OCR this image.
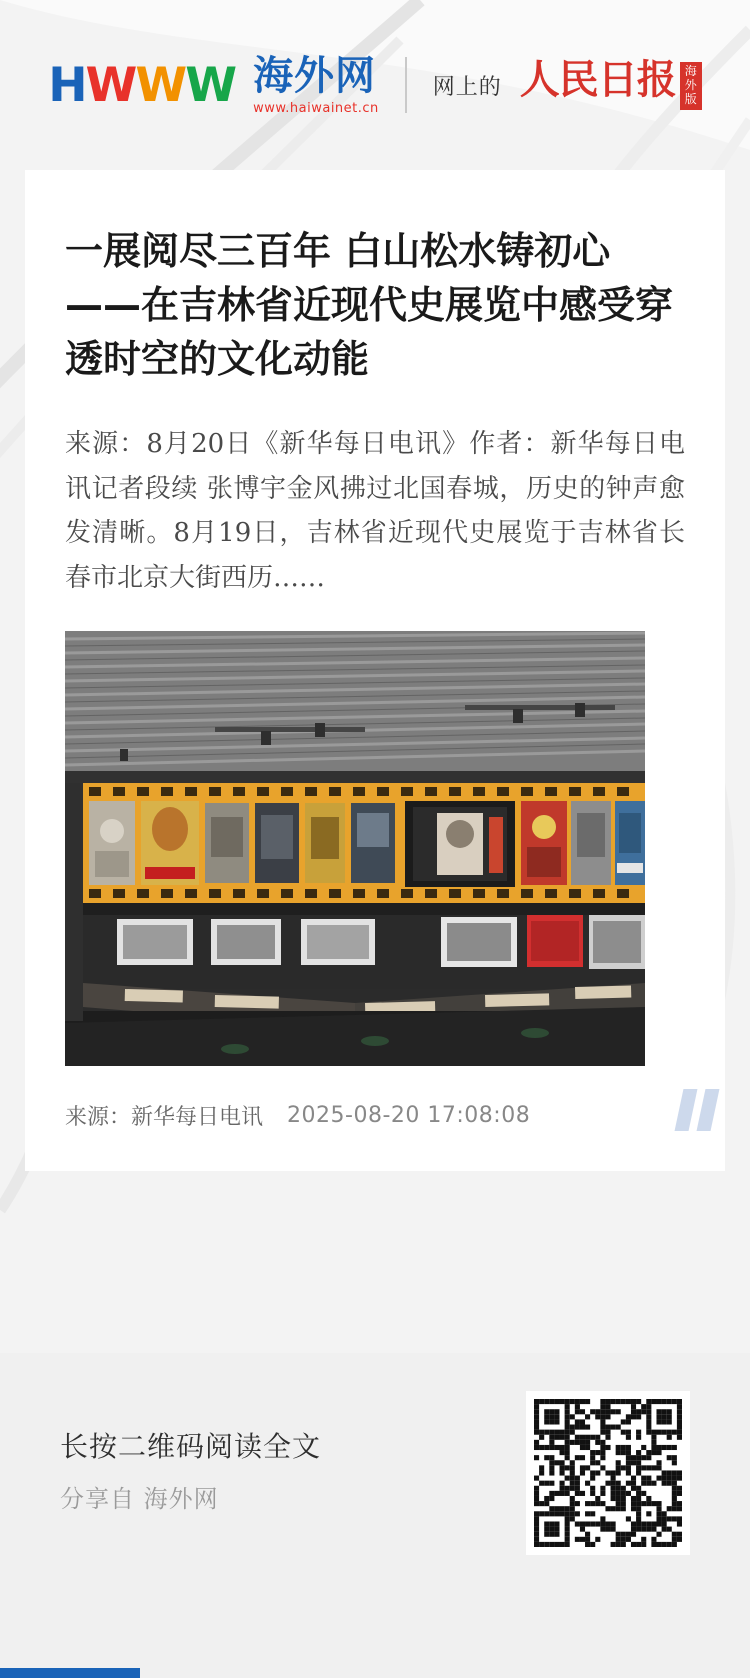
H W W W 海外网
www.haiwainet.cn
网上的 人民日报 海外版
一展阅尽三百年 白山松水铸初心——在吉林省近现代史展览中感受穿透时空的文化动能

来源：8月20日《新华每日电讯》作者：新华每日电讯记者段续 张博宇金风拂过北国春城，历史的钟声愈发清晰。8月19日，吉林省近现代史展览于吉林省长春市北京大街西历……

来源：新华每日电讯 2025-08-20 17:08:08
长按二维码阅读全文
分享自 海外网
